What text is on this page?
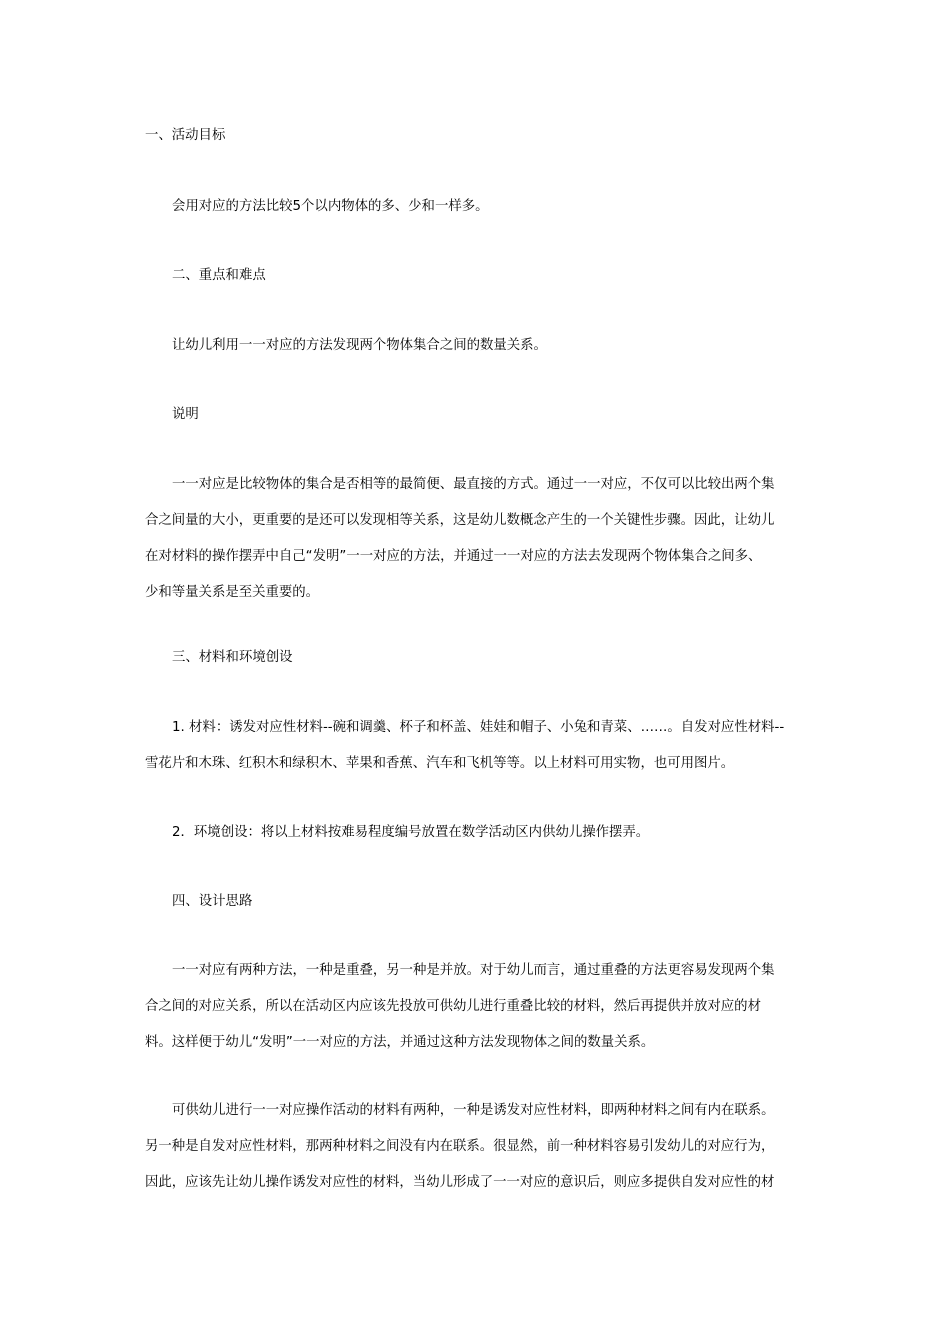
一、活动目标

会用对应的方法比较5个以内物体的多、少和一样多。

二、重点和难点

让幼儿利用一一对应的方法发现两个物体集合之间的数量关系。

说明

一一对应是比较物体的集合是否相等的最简便、最直接的方式。通过一一对应，不仅可以比较出两个集
合之间量的大小，更重要的是还可以发现相等关系，这是幼儿数概念产生的一个关键性步骤。因此，让幼儿
在对材料的操作摆弄中自己“发明”一一对应的方法，并通过一一对应的方法去发现两个物体集合之间多、
少和等量关系是至关重要的。

三、材料和环境创设

1. 材料：诱发对应性材料--碗和调羹、杯子和杯盖、娃娃和帽子、小兔和青菜、……。自发对应性材料--
雪花片和木珠、红积木和绿积木、苹果和香蕉、汽车和飞机等等。以上材料可用实物，也可用图片。

2．环境创设：将以上材料按难易程度编号放置在数学活动区内供幼儿操作摆弄。

四、设计思路

一一对应有两种方法，一种是重叠，另一种是并放。对于幼儿而言，通过重叠的方法更容易发现两个集
合之间的对应关系，所以在活动区内应该先投放可供幼儿进行重叠比较的材料，然后再提供并放对应的材
料。这样便于幼儿“发明”一一对应的方法，并通过这种方法发现物体之间的数量关系。

可供幼儿进行一一对应操作活动的材料有两种，一种是诱发对应性材料，即两种材料之间有内在联系。
另一种是自发对应性材料，那两种材料之间没有内在联系。很显然，前一种材料容易引发幼儿的对应行为，
因此，应该先让幼儿操作诱发对应性的材料，当幼儿形成了一一对应的意识后，则应多提供自发对应性的材
